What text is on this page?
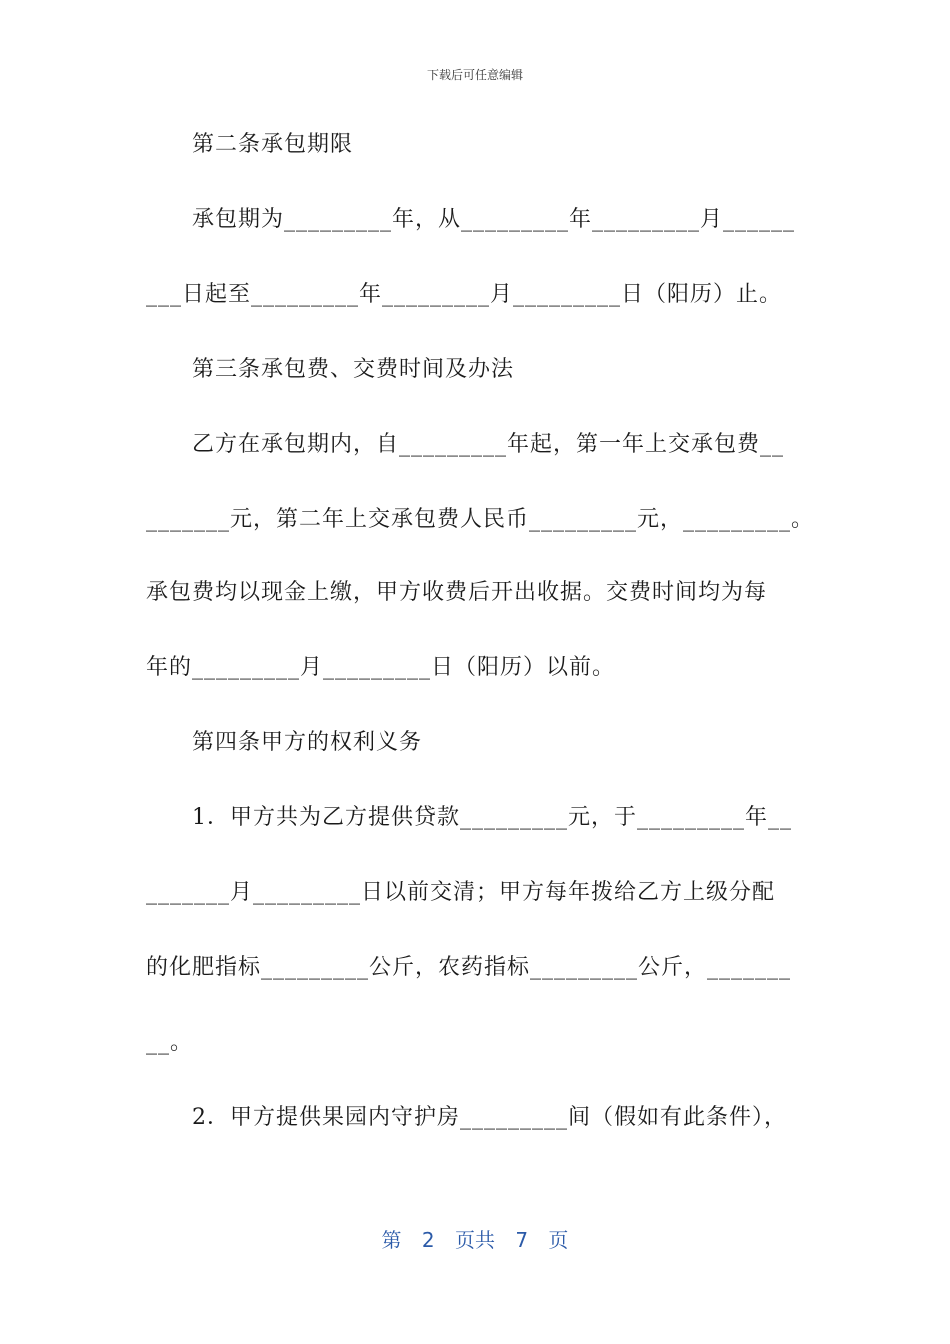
下载后可任意编辑
第二条承包期限
承包期为_________年，从_________年_________月______
___日起至_________年_________月_________日（阳历）止。
第三条承包费、交费时间及办法
乙方在承包期内，自_________年起，第一年上交承包费__
_______元，第二年上交承包费人民币_________元，_________。
承包费均以现金上缴，甲方收费后开出收据。交费时间均为每
年的_________月_________日（阳历）以前。
第四条甲方的权利义务
1．甲方共为乙方提供贷款_________元，于_________年__
_______月_________日以前交清；甲方每年拨给乙方上级分配
的化肥指标_________公斤，农药指标_________公斤，_______
__。
2．甲方提供果园内守护房_________间（假如有此条件），
第 2 页共 7 页
